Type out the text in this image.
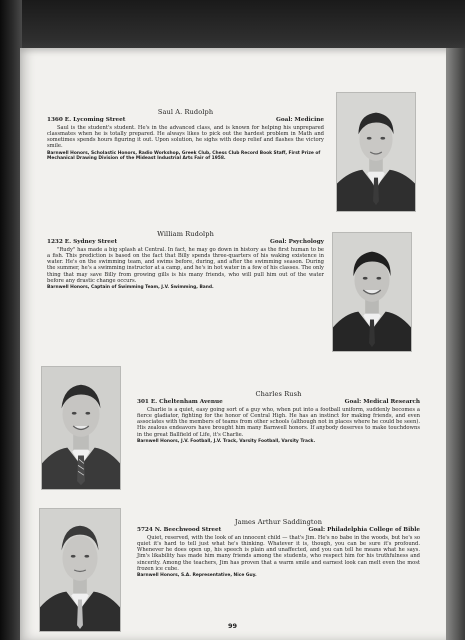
Saul A. Rudolph
1360 E. Lycoming Street	Goal: Medicine
Saul is the student's student. He's in the advanced class, and is known for helping his unprepared classmates when he is totally prepared. He always likes to pick out the hardest problem in Math and sometimes spends hours figuring it out. Upon solution, he sighs with deep relief and flashes the victory smile.
Barnwell Honors, Scholastic Honors, Radio Workshop, Greek Club, Chess Club Record Book Staff, First Prize of Mechanical Drawing Division of the Mideast Industrial Arts Fair of 1958.
William Rudolph
1232 E. Sydney Street	Goal: Psychology
"Rudy" has made a big splash at Central. In fact, he may go down in history as the first human to be a fish. This prediction is based on the fact that Billy spends three-quarters of his waking existence in water. He's on the swimming team, and swims before, during, and after the swimming season. During the summer, he's a swimming instructor at a camp, and he's in hot water in a few of his classes. The only thing that may save Billy from growing gills is his many friends, who will pull him out of the water before any drastic change occurs.
Barnwell Honors, Captain of Swimming Team, J.V. Swimming, Band.
Charles Rush
301 E. Cheltenham Avenue	Goal: Medical Research
Charlie is a quiet, easy going sort of a guy who, when put into a football uniform, suddenly becomes a fierce gladiator, fighting for the honor of Central High. He has an instinct for making friends, and even associates with the members of teams from other schools (although not in places where he could be seen). His zealous endeavors have brought him many Barnwell honors. If anybody deserves to make touchdowns in the great Ballfield of Life, it's Charlie.
Barnwell Honors, J.V. Football, J.V. Track, Varsity Football, Varsity Track.
James Arthur Saddington
5724 N. Beechwood Street	Goal: Philadelphia College of Bible
Quiet, reserved, with the look of an innocent child — that's Jim. He's no babe in the woods, but he's so quiet it's hard to tell just what he's thinking. Whatever it is, though, you can be sure it's profound. Whenever he does open up, his speech is plain and unaffected, and you can tell he means what he says. Jim's likability has made him many friends among the students, who respect him for his truthfulness and sincerity. Among the teachers, Jim has proven that a warm smile and earnest look can melt even the most frozen ice cube.
Barnwell Honors, S.A. Representative, Nice Guy.
99
